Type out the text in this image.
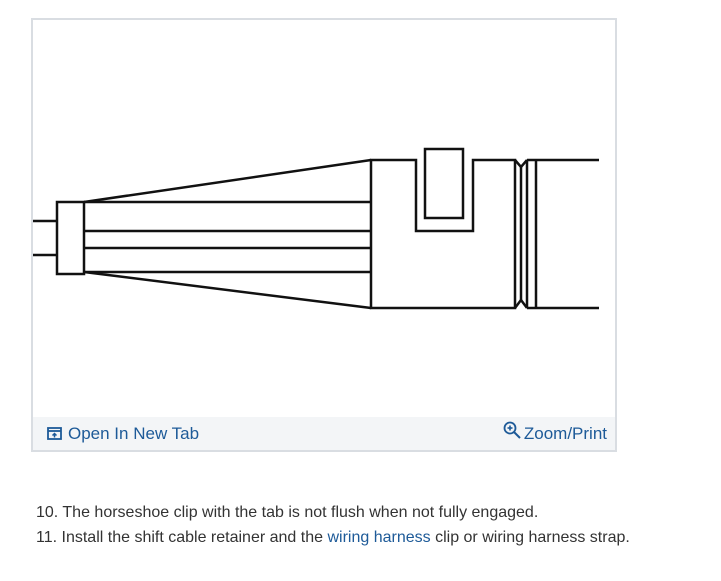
Open In New Tab	Zoom/Print
10. The horseshoe clip with the tab is not flush when not fully engaged.
11. Install the shift cable retainer and the wiring harness clip or wiring harness strap.
